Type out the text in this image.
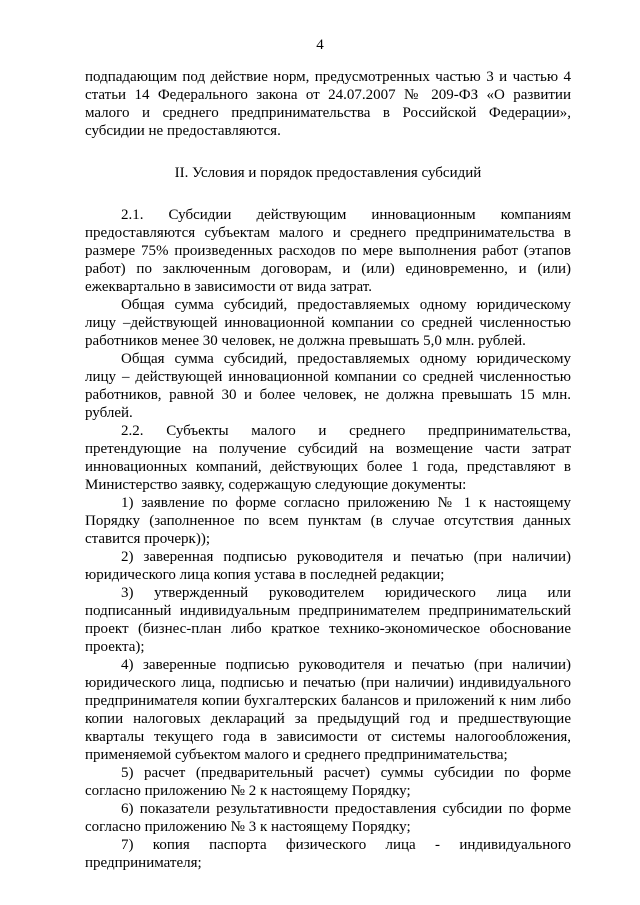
4

подпадающим под действие норм, предусмотренных частью 3 и частью 4 статьи 14 Федерального закона от 24.07.2007 № 209-ФЗ «О развитии малого и среднего предпринимательства в Российской Федерации», субсидии не предоставляются.

II. Условия и порядок предоставления субсидий

2.1. Субсидии действующим инновационным компаниям предоставляются субъектам малого и среднего предпринимательства в размере 75% произведенных расходов по мере выполнения работ (этапов работ) по заключенным договорам, и (или) единовременно, и (или) ежеквартально в зависимости от вида затрат.

Общая сумма субсидий, предоставляемых одному юридическому лицу –действующей инновационной компании со средней численностью работников менее 30 человек, не должна превышать 5,0 млн. рублей.

Общая сумма субсидий, предоставляемых одному юридическому лицу – действующей инновационной компании со средней численностью работников, равной 30 и более человек, не должна превышать 15 млн. рублей.

2.2. Субъекты малого и среднего предпринимательства, претендующие на получение субсидий на возмещение части затрат инновационных компаний, действующих более 1 года, представляют в Министерство заявку, содержащую следующие документы:

1) заявление по форме согласно приложению № 1 к настоящему Порядку (заполненное по всем пунктам (в случае отсутствия данных ставится прочерк));

2) заверенная подписью руководителя и печатью (при наличии) юридического лица копия устава в последней редакции;

3) утвержденный руководителем юридического лица или подписанный индивидуальным предпринимателем предпринимательский проект (бизнес-план либо краткое технико-экономическое обоснование проекта);

4) заверенные подписью руководителя и печатью (при наличии) юридического лица, подписью и печатью (при наличии) индивидуального предпринимателя копии бухгалтерских балансов и приложений к ним либо копии налоговых деклараций за предыдущий год и предшествующие кварталы текущего года в зависимости от системы налогообложения, применяемой субъектом малого и среднего предпринимательства;

5) расчет (предварительный расчет) суммы субсидии по форме согласно приложению № 2 к настоящему Порядку;

6) показатели результативности предоставления субсидии по форме согласно приложению № 3 к настоящему Порядку;

7) копия паспорта физического лица - индивидуального предпринимателя;
